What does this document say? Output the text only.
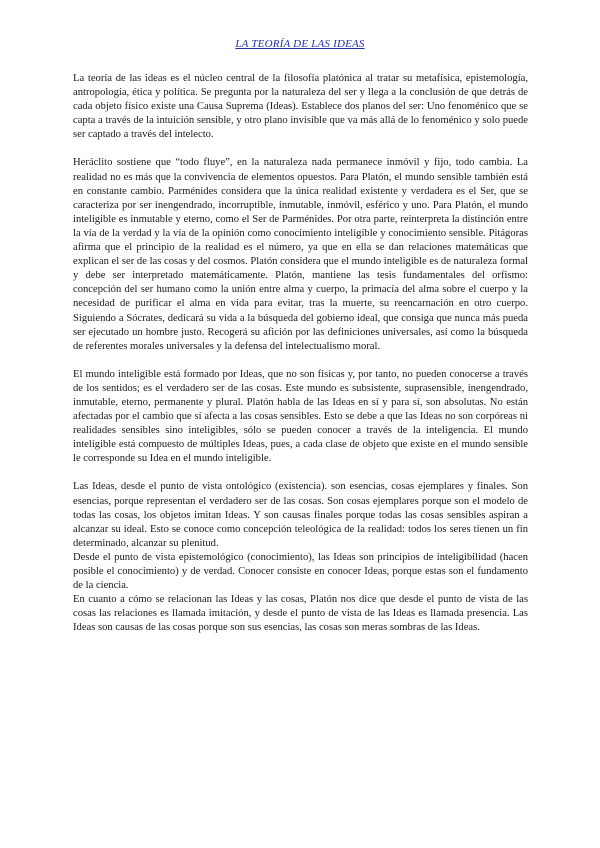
LA TEORÍA DE LAS IDEAS

La teoría de las ideas es el núcleo central de la filosofía platónica al tratar su metafísica, epistemología, antropología, ética y política. Se pregunta por la naturaleza del ser y llega a la conclusión de que detrás de cada objeto físico existe una Causa Suprema (Ideas). Establece dos planos del ser: Uno fenoménico que se capta a través de la intuición sensible, y otro plano invisible que va más allá de lo fenoménico y solo puede ser captado a través del intelecto.

Heráclito sostiene que “todo fluye”, en la naturaleza nada permanece inmóvil y fijo, todo cambia. La realidad no es más que la convivencia de elementos opuestos. Para Platón, el mundo sensible también está en constante cambio. Parménides considera que la única realidad existente y verdadera es el Ser, que se caracteriza por ser inengendrado, incorruptible, inmutable, inmóvil, esférico y uno. Para Platón, el mundo inteligible es inmutable y eterno, como el Ser de Parménides. Por otra parte, reinterpreta la distinción entre la vía de la verdad y la vía de la opinión como conocimiento inteligible y conocimiento sensible. Pitágoras afirma que el principio de la realidad es el número, ya que en ella se dan relaciones matemáticas que explican el ser de las cosas y del cosmos. Platón considera que el mundo inteligible es de naturaleza formal y debe ser interpretado matemáticamente. Platón, mantiene las tesis fundamentales del orfismo: concepción del ser humano como la unión entre alma y cuerpo, la primacía del alma sobre el cuerpo y la necesidad de purificar el alma en vida para evitar, tras la muerte, su reencarnación en otro cuerpo. Siguiendo a Sócrates, dedicará su vida a la búsqueda del gobierno ideal, que consiga que nunca más pueda ser ejecutado un hombre justo. Recogerá su afición por las definiciones universales, así como la búsqueda de referentes morales universales y la defensa del intelectualismo moral.

El mundo inteligible está formado por Ideas, que no son físicas y, por tanto, no pueden conocerse a través de los sentidos; es el verdadero ser de las cosas. Este mundo es subsistente, suprasensible, inengendrado, inmutable, eterno, permanente y plural. Platón habla de las Ideas en sí y para sí, son absolutas. No están afectadas por el cambio que sí afecta a las cosas sensibles. Esto se debe a que las Ideas no son corpóreas ni realidades sensibles sino inteligibles, sólo se pueden conocer a través de la inteligencia. El mundo inteligible está compuesto de múltiples Ideas, pues, a cada clase de objeto que existe en el mundo sensible le corresponde su Idea en el mundo inteligible.

Las Ideas, desde el punto de vista ontológico (existencia). son esencias, cosas ejemplares y finales. Son esencias, porque representan el verdadero ser de las cosas. Son cosas ejemplares porque son el modelo de todas las cosas, los objetos imitan Ideas. Y son causas finales porque todas las cosas sensibles aspiran a alcanzar su ideal. Esto se conoce como concepción teleológica de la realidad: todos los seres tienen un fin determinado, alcanzar su plenitud.

Desde el punto de vista epistemológico (conocimiento), las Ideas son principios de inteligibilidad (hacen posible el conocimiento) y de verdad. Conocer consiste en conocer Ideas, porque estas son el fundamento de la ciencia.

En cuanto a cómo se relacionan las Ideas y las cosas, Platón nos dice que desde el punto de vista de las cosas las relaciones es llamada imitación, y desde el punto de vista de las Ideas es llamada presencia. Las Ideas son causas de las cosas porque son sus esencias, las cosas son meras sombras de las Ideas.
